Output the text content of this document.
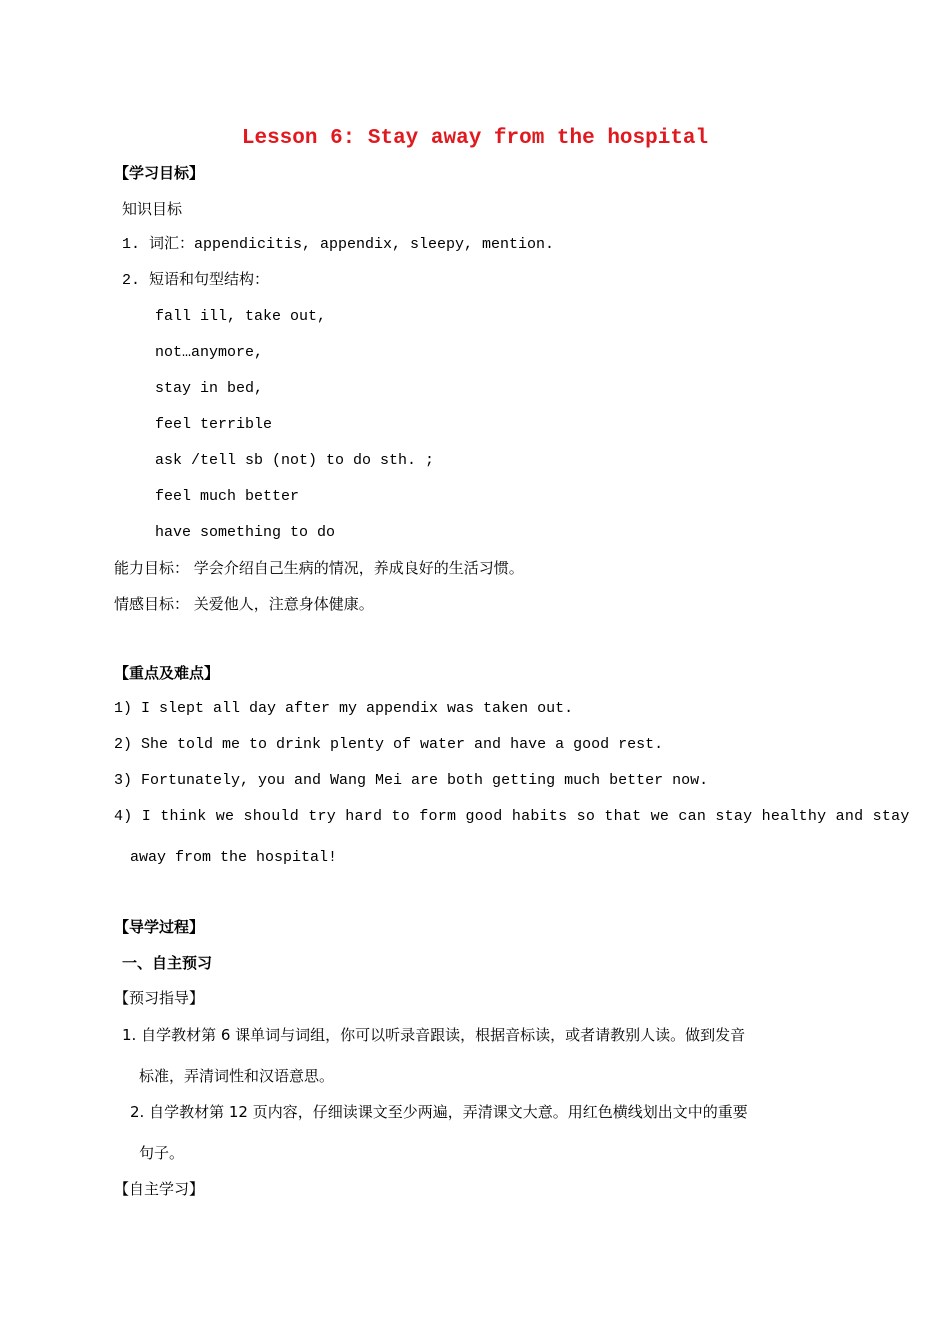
Lesson 6: Stay away from the hospital
【学习目标】
知识目标
1. 词汇：appendicitis, appendix, sleepy, mention.
2. 短语和句型结构：
fall ill, take out,
not…anymore,
stay in bed,
feel terrible
ask /tell sb (not) to do sth. ;
feel much better
have something to do
能力目标： 学会介绍自己生病的情况，养成良好的生活习惯。
情感目标： 关爱他人，注意身体健康。
【重点及难点】
1) I slept all day after my appendix was taken out.
2) She told me to drink plenty of water and have a good rest.
3) Fortunately, you and Wang Mei are both getting much better now.
4) I think we should try hard to form good habits so that we can stay healthy and stay
away from the hospital!
【导学过程】
一、自主预习
【预习指导】
1. 自学教材第 6 课单词与词组，你可以听录音跟读，根据音标读，或者请教别人读。做到发音
标准，弄清词性和汉语意思。
2. 自学教材第 12 页内容，仔细读课文至少两遍，弄清课文大意。用红色横线划出文中的重要
句子。
【自主学习】
